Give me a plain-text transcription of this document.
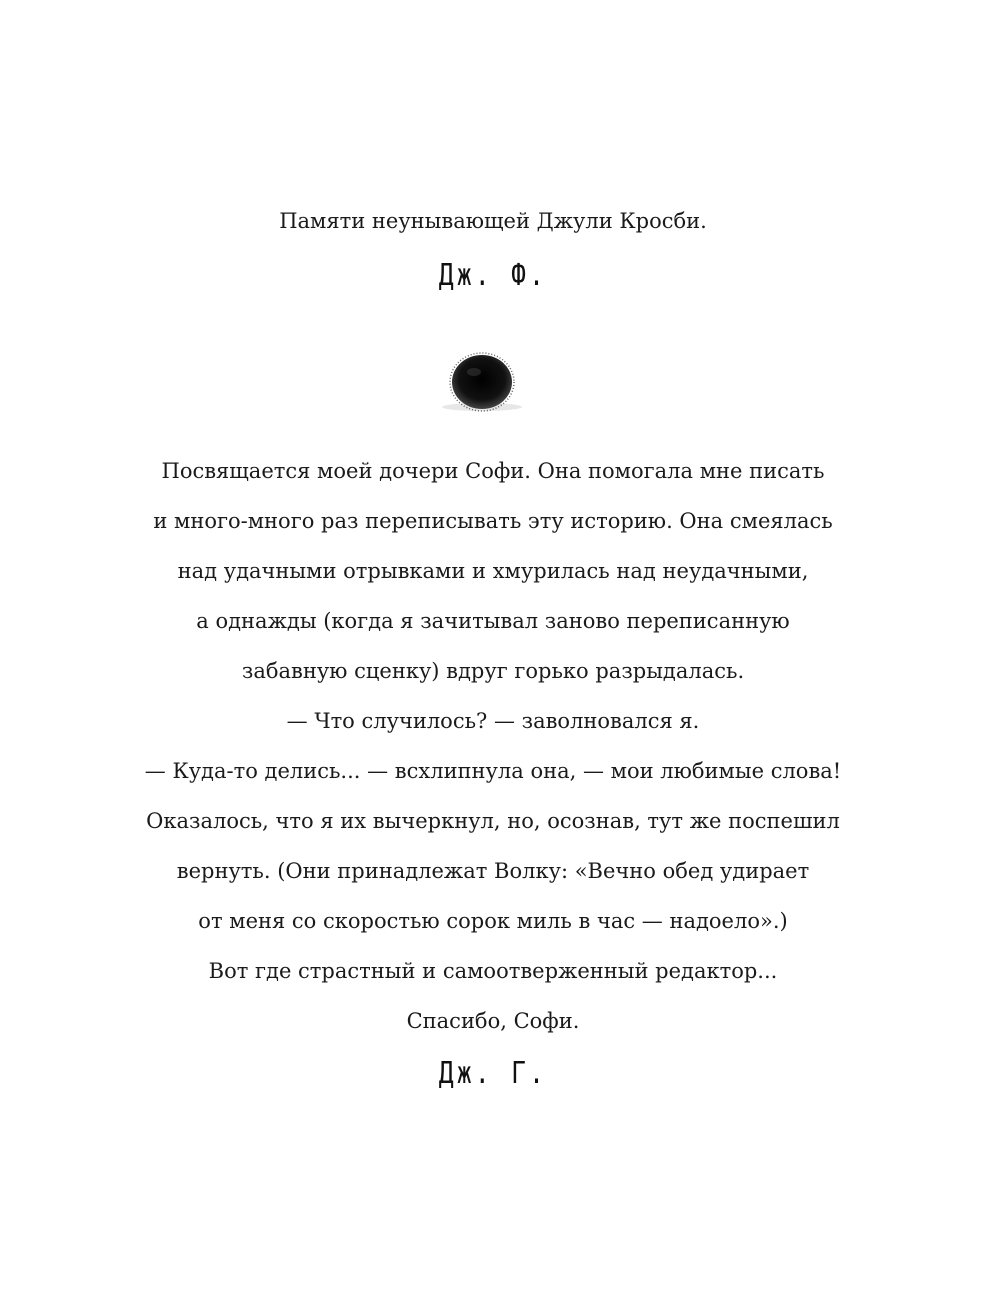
Памяти неунывающей Джули Кросби.
Дж. Ф.
Посвящается моей дочери Софи. Она помогала мне писать
и много-много раз переписывать эту историю. Она смеялась
над удачными отрывками и хмурилась над неудачными,
а однажды (когда я зачитывал заново переписанную
забавную сценку) вдруг горько разрыдалась.
— Что случилось? — заволновался я.
— Куда-то делись... — всхлипнула она, — мои любимые слова!
Оказалось, что я их вычеркнул, но, осознав, тут же поспешил
вернуть. (Они принадлежат Волку: «Вечно обед удирает
от меня со скоростью сорок миль в час — надоело».)
Вот где страстный и самоотверженный редактор...
Спасибо, Софи.
Дж. Г.
